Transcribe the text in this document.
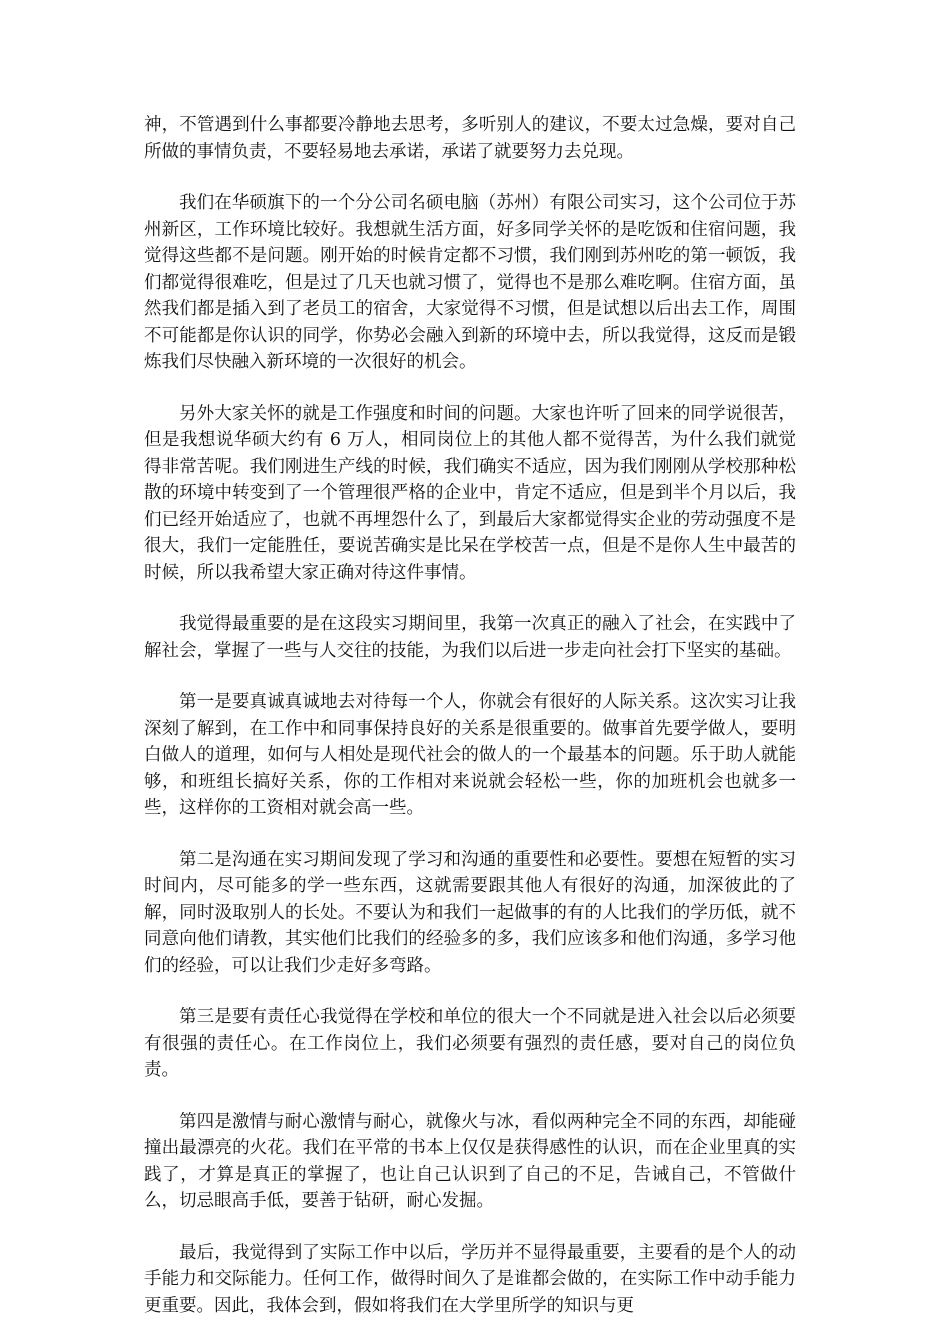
神，不管遇到什么事都要冷静地去思考，多听别人的建议，不要太过急燥，要对自己所做的事情负责，不要轻易地去承诺，承诺了就要努力去兑现。

我们在华硕旗下的一个分公司名硕电脑（苏州）有限公司实习，这个公司位于苏州新区，工作环境比较好。我想就生活方面，好多同学关怀的是吃饭和住宿问题，我觉得这些都不是问题。刚开始的时候肯定都不习惯，我们刚到苏州吃的第一顿饭，我们都觉得很难吃，但是过了几天也就习惯了，觉得也不是那么难吃啊。住宿方面，虽然我们都是插入到了老员工的宿舍，大家觉得不习惯，但是试想以后出去工作，周围不可能都是你认识的同学，你势必会融入到新的环境中去，所以我觉得，这反而是锻炼我们尽快融入新环境的一次很好的机会。

另外大家关怀的就是工作强度和时间的问题。大家也许听了回来的同学说很苦，但是我想说华硕大约有 6 万人，相同岗位上的其他人都不觉得苦，为什么我们就觉得非常苦呢。我们刚进生产线的时候，我们确实不适应，因为我们刚刚从学校那种松散的环境中转变到了一个管理很严格的企业中，肯定不适应，但是到半个月以后，我们已经开始适应了，也就不再埋怨什么了，到最后大家都觉得实企业的劳动强度不是很大，我们一定能胜任，要说苦确实是比呆在学校苦一点，但是不是你人生中最苦的时候，所以我希望大家正确对待这件事情。

我觉得最重要的是在这段实习期间里，我第一次真正的融入了社会，在实践中了解社会，掌握了一些与人交往的技能，为我们以后进一步走向社会打下坚实的基础。

第一是要真诚真诚地去对待每一个人，你就会有很好的人际关系。这次实习让我深刻了解到，在工作中和同事保持良好的关系是很重要的。做事首先要学做人，要明白做人的道理，如何与人相处是现代社会的做人的一个最基本的问题。乐于助人就能够，和班组长搞好关系，你的工作相对来说就会轻松一些，你的加班机会也就多一些，这样你的工资相对就会高一些。

第二是沟通在实习期间发现了学习和沟通的重要性和必要性。要想在短暂的实习时间内，尽可能多的学一些东西，这就需要跟其他人有很好的沟通，加深彼此的了解，同时汲取别人的长处。不要认为和我们一起做事的有的人比我们的学历低，就不同意向他们请教，其实他们比我们的经验多的多，我们应该多和他们沟通，多学习他们的经验，可以让我们少走好多弯路。

第三是要有责任心我觉得在学校和单位的很大一个不同就是进入社会以后必须要有很强的责任心。在工作岗位上，我们必须要有强烈的责任感，要对自己的岗位负责。

第四是激情与耐心激情与耐心，就像火与冰，看似两种完全不同的东西，却能碰撞出最漂亮的火花。我们在平常的书本上仅仅是获得感性的认识，而在企业里真的实践了，才算是真正的掌握了，也让自己认识到了自己的不足，告诫自己，不管做什么，切忌眼高手低，要善于钻研，耐心发掘。

最后，我觉得到了实际工作中以后，学历并不显得最重要，主要看的是个人的动手能力和交际能力。任何工作，做得时间久了是谁都会做的，在实际工作中动手能力更重要。因此，我体会到，假如将我们在大学里所学的知识与更
